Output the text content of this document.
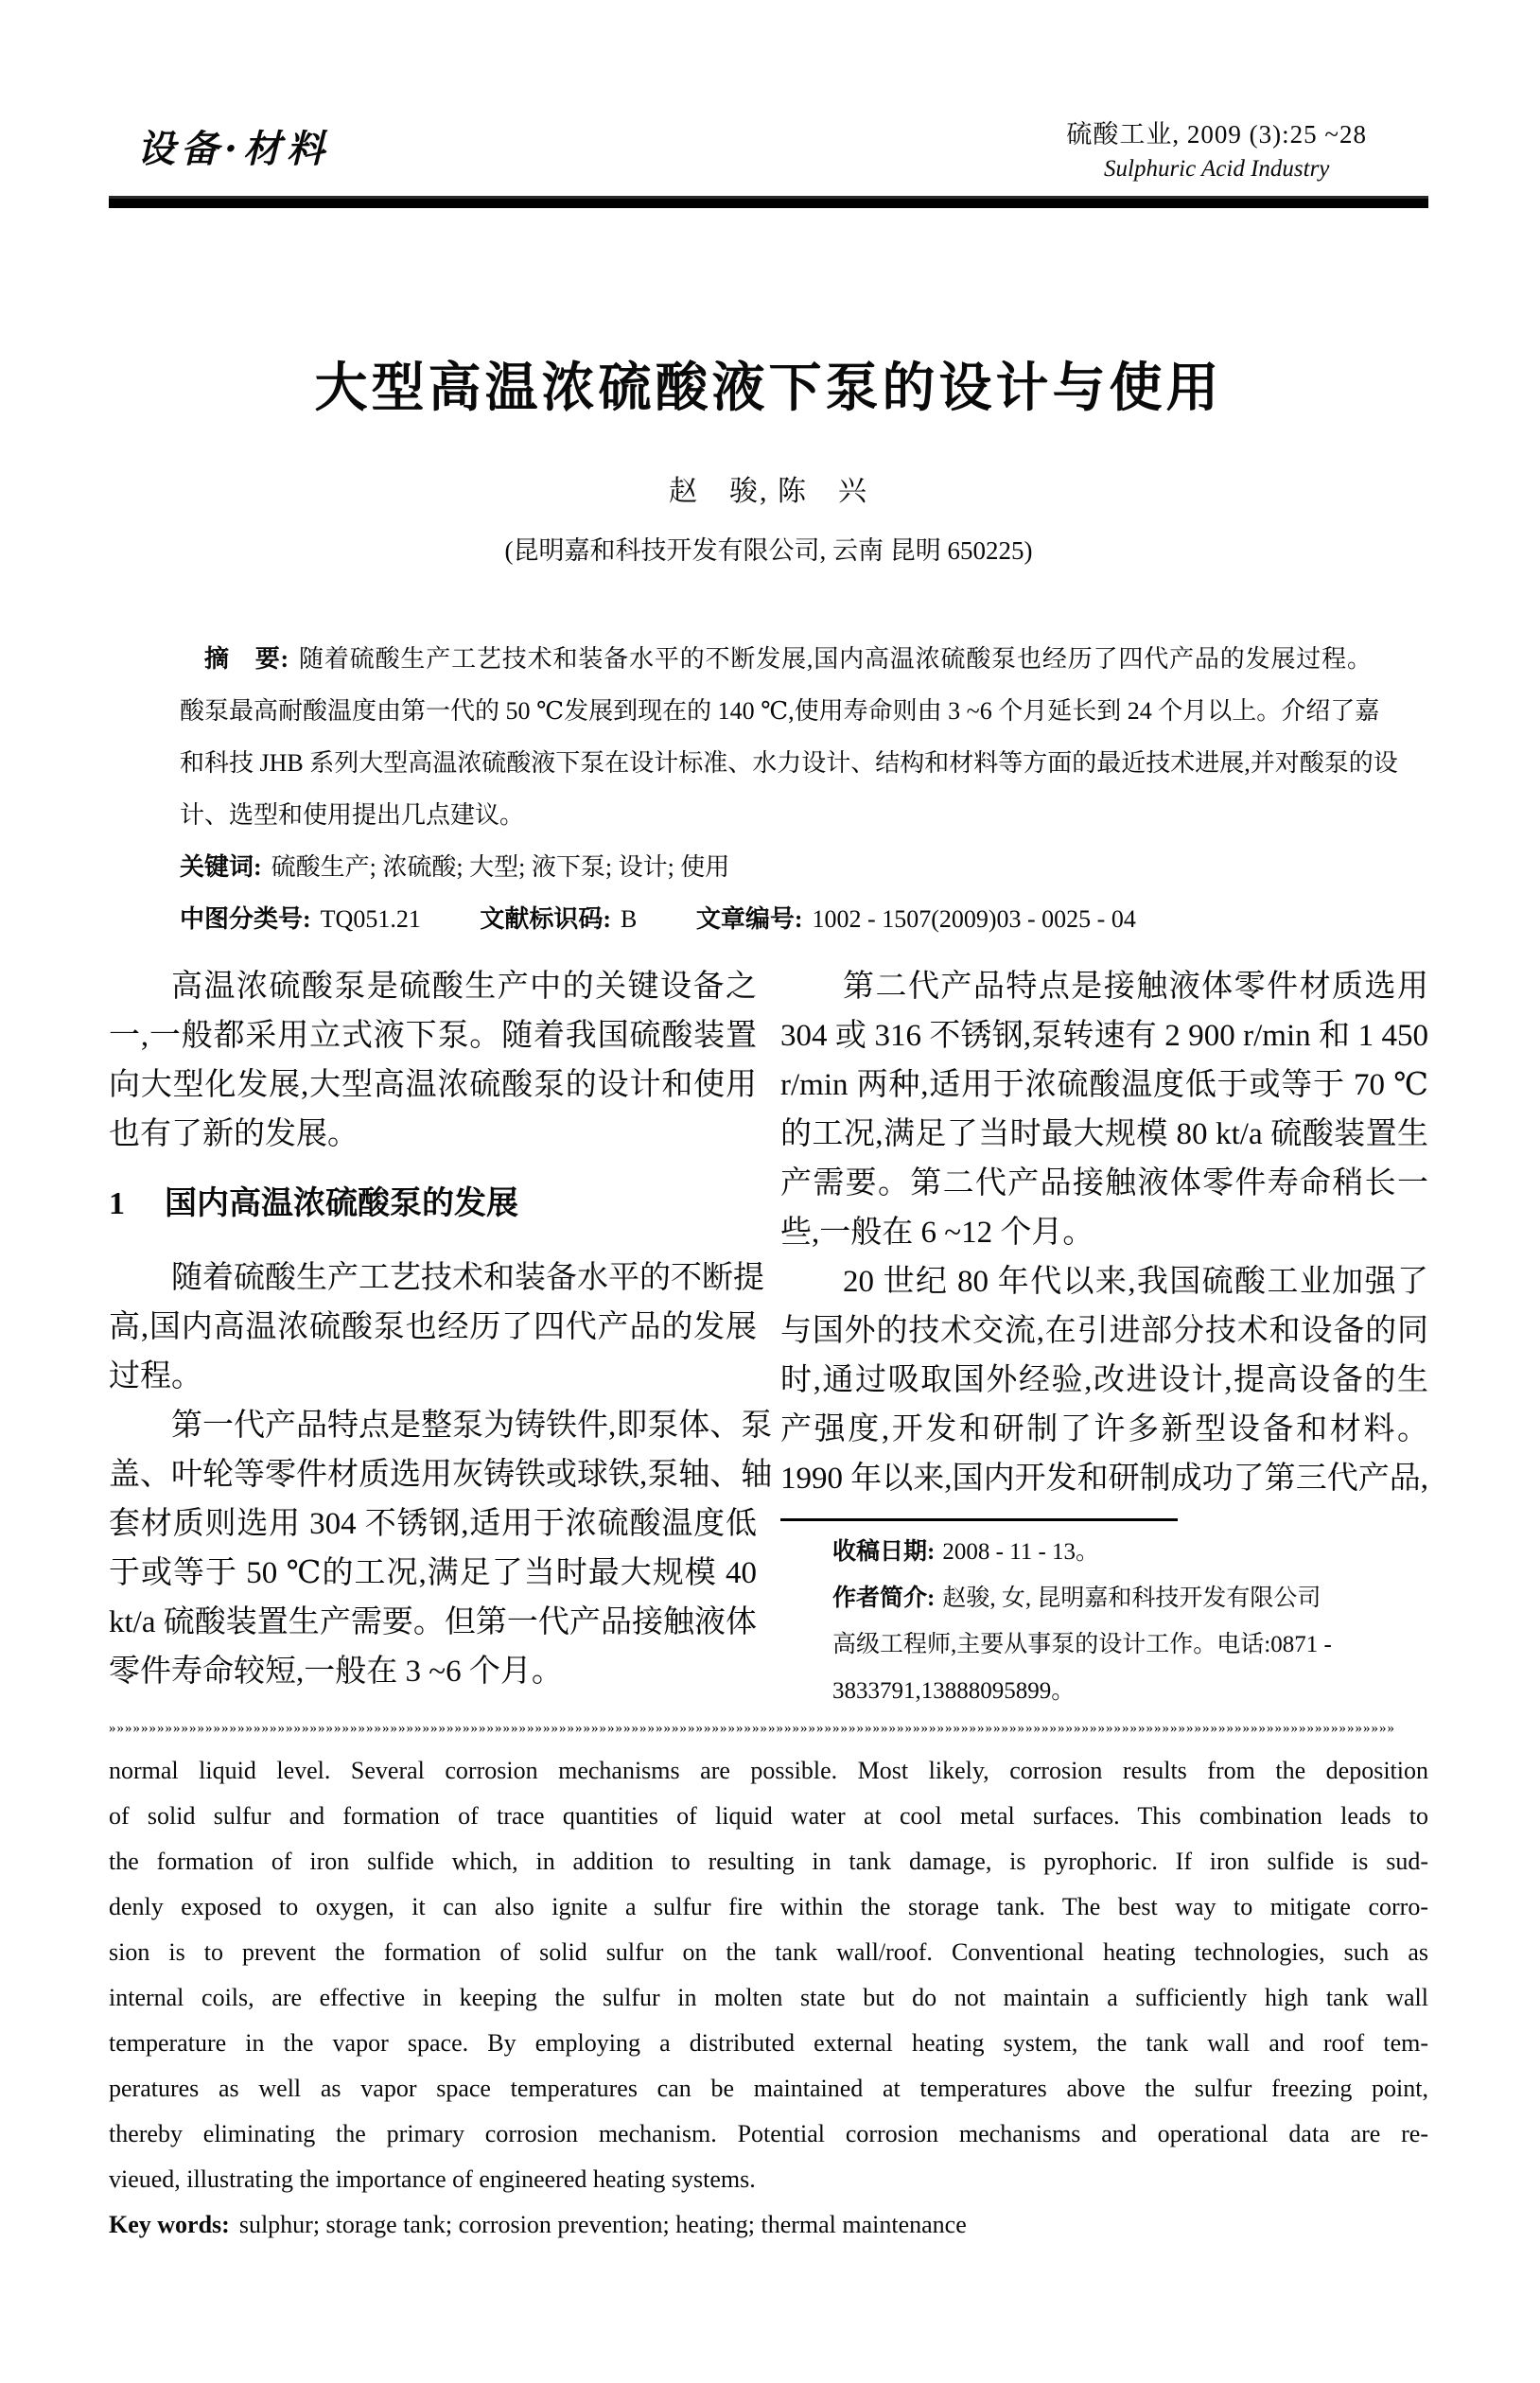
设备·材料	硫酸工业, 2009 (3):25 ~28
Sulphuric Acid Industry
大型高温浓硫酸液下泵的设计与使用
赵　骏, 陈　兴
(昆明嘉和科技开发有限公司, 云南 昆明 650225)
摘　要: 随着硫酸生产工艺技术和装备水平的不断发展,国内高温浓硫酸泵也经历了四代产品的发展过程。
酸泵最高耐酸温度由第一代的 50 ℃发展到现在的 140 ℃,使用寿命则由 3 ~6 个月延长到 24 个月以上。介绍了嘉
和科技 JHB 系列大型高温浓硫酸液下泵在设计标准、水力设计、结构和材料等方面的最近技术进展,并对酸泵的设
计、选型和使用提出几点建议。
关键词: 硫酸生产; 浓硫酸; 大型; 液下泵; 设计; 使用
中图分类号: TQ051.21 文献标识码: B 文章编号: 1002 - 1507(2009)03 - 0025 - 04
高温浓硫酸泵是硫酸生产中的关键设备之
一,一般都采用立式液下泵。随着我国硫酸装置
向大型化发展,大型高温浓硫酸泵的设计和使用
也有了新的发展。
1 国内高温浓硫酸泵的发展
随着硫酸生产工艺技术和装备水平的不断提
高,国内高温浓硫酸泵也经历了四代产品的发展
过程。
第一代产品特点是整泵为铸铁件,即泵体、泵
盖、叶轮等零件材质选用灰铸铁或球铁,泵轴、轴
套材质则选用 304 不锈钢,适用于浓硫酸温度低
于或等于 50 ℃的工况,满足了当时最大规模 40
kt/a 硫酸装置生产需要。但第一代产品接触液体
零件寿命较短,一般在 3 ~6 个月。
第二代产品特点是接触液体零件材质选用
304 或 316 不锈钢,泵转速有 2 900 r/min 和 1 450
r/min 两种,适用于浓硫酸温度低于或等于 70 ℃
的工况,满足了当时最大规模 80 kt/a 硫酸装置生
产需要。第二代产品接触液体零件寿命稍长一
些,一般在 6 ~12 个月。
20 世纪 80 年代以来,我国硫酸工业加强了
与国外的技术交流,在引进部分技术和设备的同
时,通过吸取国外经验,改进设计,提高设备的生
产强度,开发和研制了许多新型设备和材料。
1990 年以来,国内开发和研制成功了第三代产品,
收稿日期: 2008 - 11 - 13。
作者简介: 赵骏, 女, 昆明嘉和科技开发有限公司
高级工程师,主要从事泵的设计工作。电话:0871 -
3833791,13888095899。
»»»»»»»»»»»»»»»»»»»»»»»»»»»»»»»»»»»»»»»»»»»»»»»»»»»»»»»»»»»»»»»»»»»»»»»»»»»»»»»»»»»»»»»»»»»»»»»»»»»»»»»»»»»»»»»»»»»»»»»»»»»»»»»»»»»»»»»»»»»»»»»»»»»»»»»»»»»»»»»»
normal liquid level. Several corrosion mechanisms are possible. Most likely, corrosion results from the deposition
of solid sulfur and formation of trace quantities of liquid water at cool metal surfaces. This combination leads to
the formation of iron sulfide which, in addition to resulting in tank damage, is pyrophoric. If iron sulfide is sud-
denly exposed to oxygen, it can also ignite a sulfur fire within the storage tank. The best way to mitigate corro-
sion is to prevent the formation of solid sulfur on the tank wall/roof. Conventional heating technologies, such as
internal coils, are effective in keeping the sulfur in molten state but do not maintain a sufficiently high tank wall
temperature in the vapor space. By employing a distributed external heating system, the tank wall and roof tem-
peratures as well as vapor space temperatures can be maintained at temperatures above the sulfur freezing point,
thereby eliminating the primary corrosion mechanism. Potential corrosion mechanisms and operational data are re-
vieued, illustrating the importance of engineered heating systems.
Key words: sulphur; storage tank; corrosion prevention; heating; thermal maintenance
